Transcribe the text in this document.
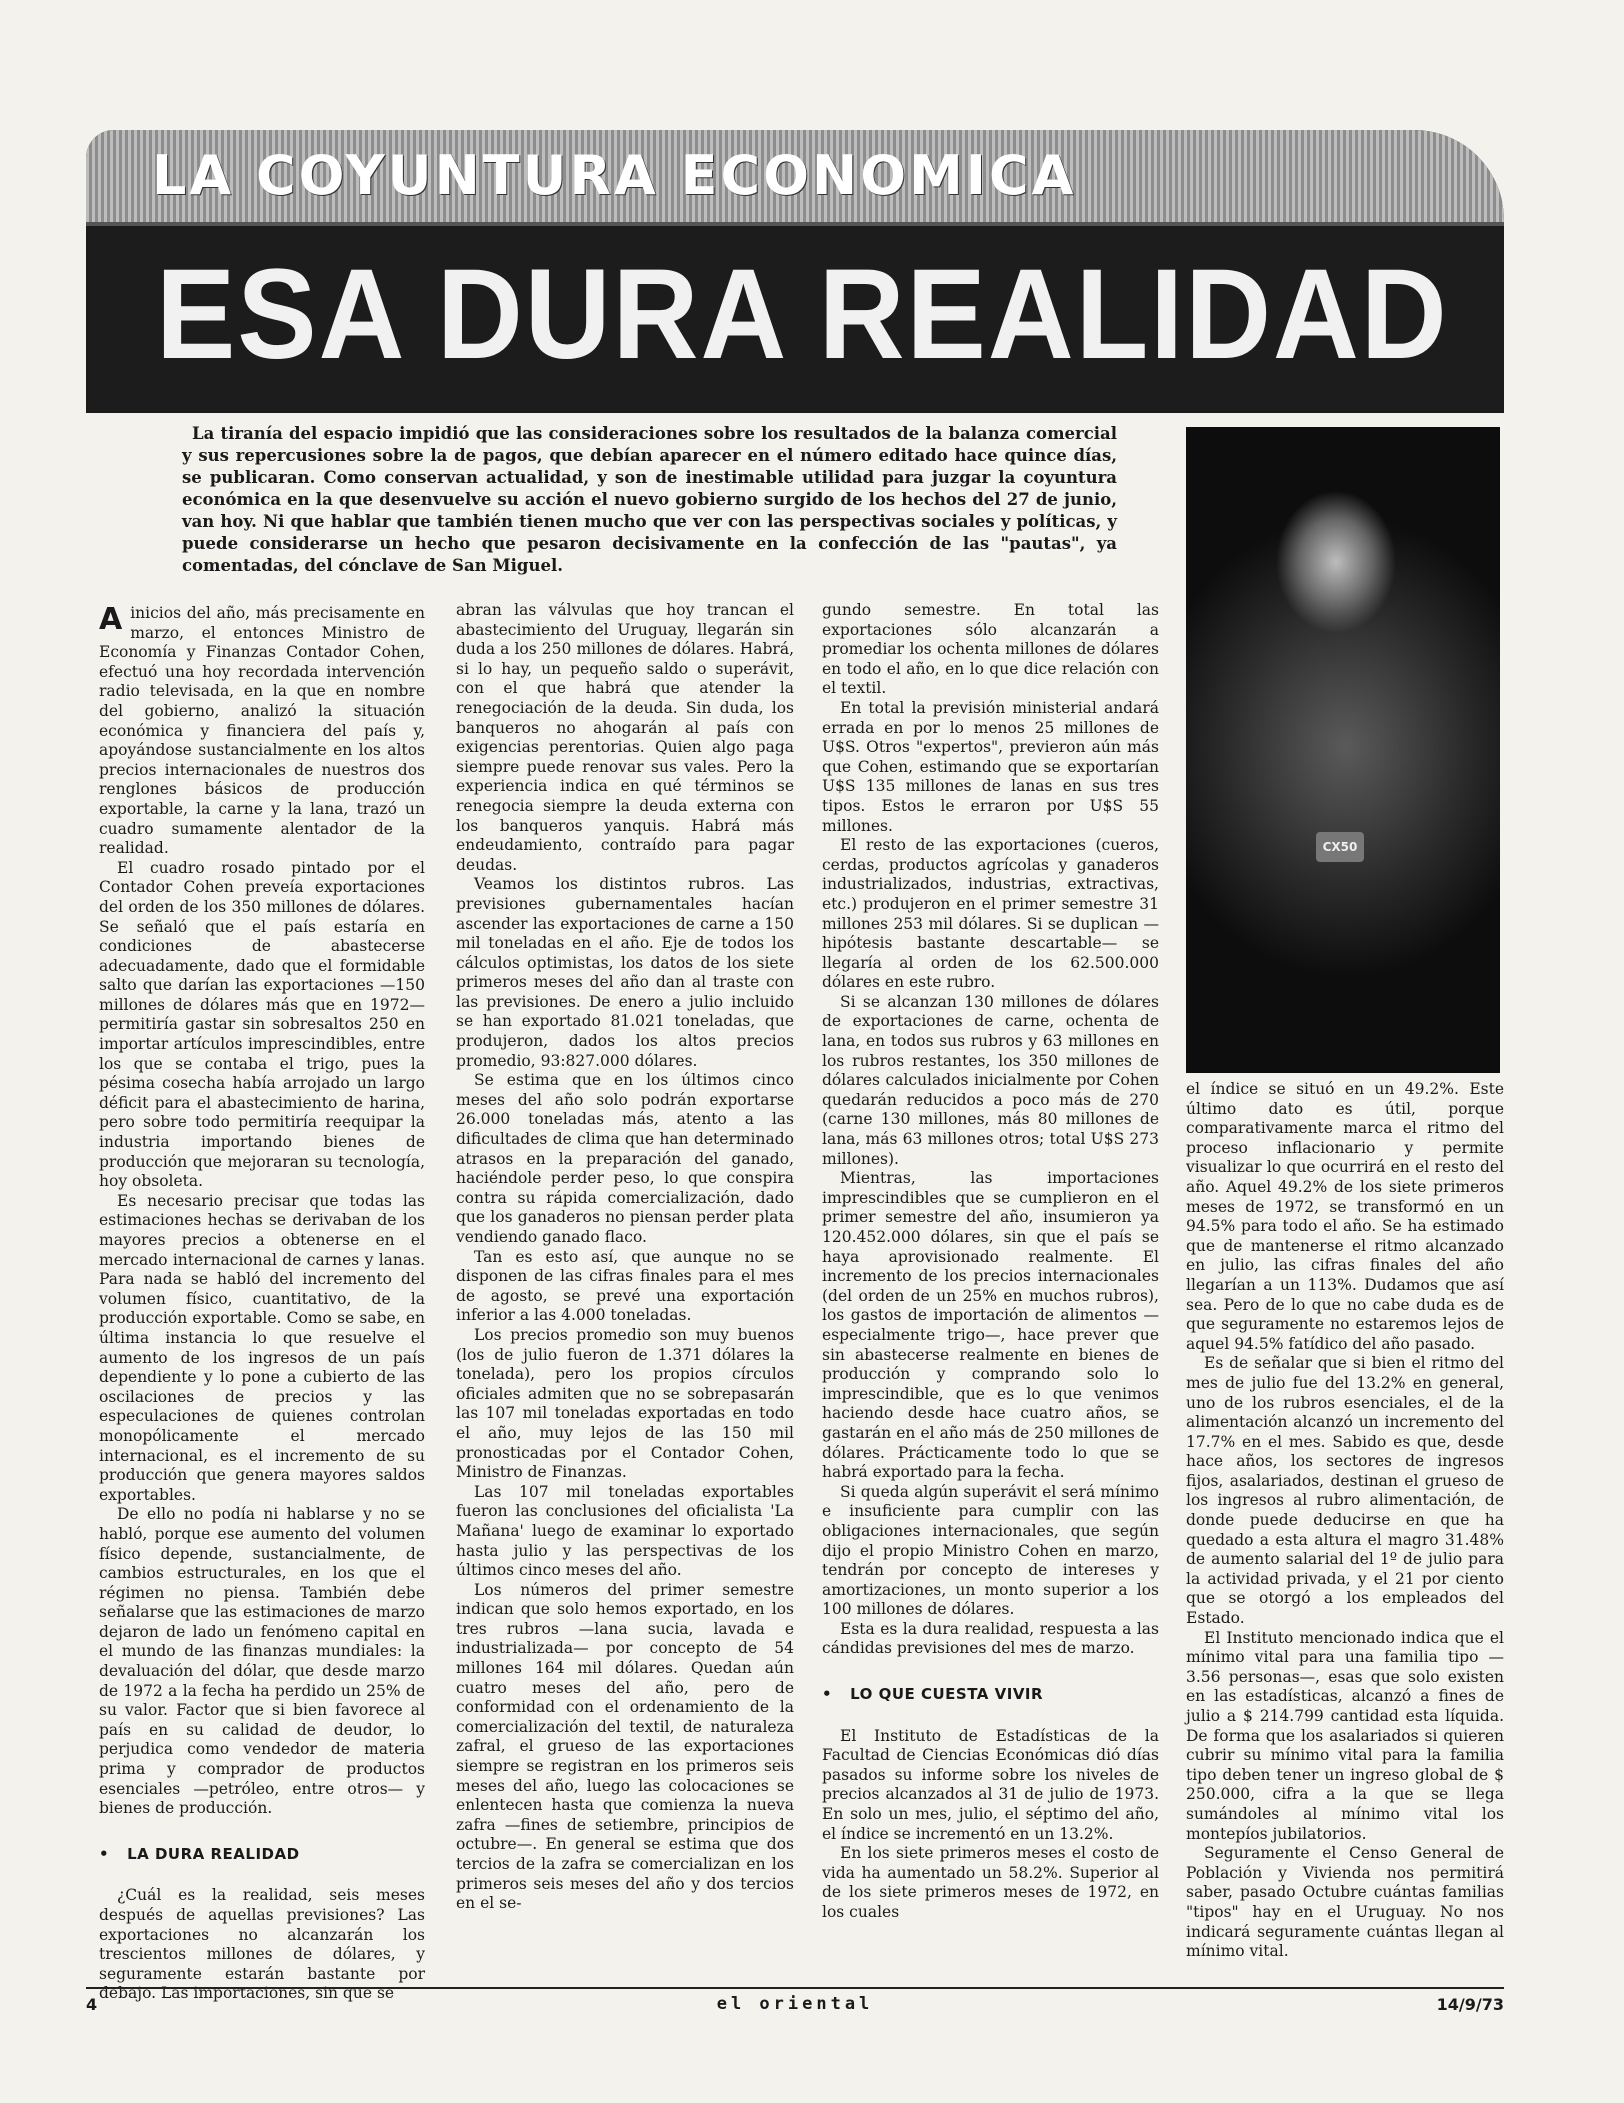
LA COYUNTURA ECONOMICA
ESA DURA REALIDAD
La tiranía del espacio impidió que las consideraciones sobre los resultados de la balanza comercial y sus repercusiones sobre la de pagos, que debían aparecer en el número editado hace quince días, se publicaran. Como conservan actualidad, y son de inestimable utilidad para juzgar la coyuntura económica en la que desenvuelve su acción el nuevo gobierno surgido de los hechos del 27 de junio, van hoy. Ni que hablar que también tienen mucho que ver con las perspectivas sociales y políticas, y puede considerarse un hecho que pesaron decisivamente en la confección de las "pautas", ya comentadas, del cónclave de San Miguel.
CX50

Ainicios del año, más precisamente en marzo, el entonces Ministro de Economía y Finanzas Contador Cohen, efectuó una hoy recordada intervención radio televisada, en la que en nombre del gobierno, analizó la situación económica y financiera del país y, apoyándose sustancialmente en los altos precios internacionales de nuestros dos renglones básicos de producción exportable, la carne y la lana, trazó un cuadro sumamente alentador de la realidad.

El cuadro rosado pintado por el Contador Cohen preveía exportaciones del orden de los 350 millones de dólares. Se señaló que el país estaría en condiciones de abastecerse adecuadamente, dado que el formidable salto que darían las exportaciones —150 millones de dólares más que en 1972— permitiría gastar sin sobresaltos 250 en importar artículos imprescindibles, entre los que se contaba el trigo, pues la pésima cosecha había arrojado un largo déficit para el abastecimiento de harina, pero sobre todo permitiría reequipar la industria importando bienes de producción que mejoraran su tecnología, hoy obsoleta.

Es necesario precisar que todas las estimaciones hechas se derivaban de los mayores precios a obtenerse en el mercado internacional de carnes y lanas. Para nada se habló del incremento del volumen físico, cuantitativo, de la producción exportable. Como se sabe, en última instancia lo que resuelve el aumento de los ingresos de un país dependiente y lo pone a cubierto de las oscilaciones de precios y las especulaciones de quienes controlan monopólicamente el mercado internacional, es el incremento de su producción que genera mayores saldos exportables.

De ello no podía ni hablarse y no se habló, porque ese aumento del volumen físico depende, sustancialmente, de cambios estructurales, en los que el régimen no piensa. También debe señalarse que las estimaciones de marzo dejaron de lado un fenómeno capital en el mundo de las finanzas mundiales: la devaluación del dólar, que desde marzo de 1972 a la fecha ha perdido un 25% de su valor. Factor que si bien favorece al país en su calidad de deudor, lo perjudica como vendedor de materia prima y comprador de productos esenciales —petróleo, entre otros— y bienes de producción.

• LA DURA REALIDAD

¿Cuál es la realidad, seis meses después de aquellas previsiones? Las exportaciones no alcanzarán los trescientos millones de dólares, y seguramente estarán bastante por debajo. Las importaciones, sin que se

abran las válvulas que hoy trancan el abastecimiento del Uruguay, llegarán sin duda a los 250 millones de dólares. Habrá, si lo hay, un pequeño saldo o superávit, con el que habrá que atender la renegociación de la deuda. Sin duda, los banqueros no ahogarán al país con exigencias perentorias. Quien algo paga siempre puede renovar sus vales. Pero la experiencia indica en qué términos se renegocia siempre la deuda externa con los banqueros yanquis. Habrá más endeudamiento, contraído para pagar deudas.

Veamos los distintos rubros. Las previsiones gubernamentales hacían ascender las exportaciones de carne a 150 mil toneladas en el año. Eje de todos los cálculos optimistas, los datos de los siete primeros meses del año dan al traste con las previsiones. De enero a julio incluido se han exportado 81.021 toneladas, que produjeron, dados los altos precios promedio, 93:827.000 dólares.

Se estima que en los últimos cinco meses del año solo podrán exportarse 26.000 toneladas más, atento a las dificultades de clima que han determinado atrasos en la preparación del ganado, haciéndole perder peso, lo que conspira contra su rápida comercialización, dado que los ganaderos no piensan perder plata vendiendo ganado flaco.

Tan es esto así, que aunque no se disponen de las cifras finales para el mes de agosto, se prevé una exportación inferior a las 4.000 toneladas.

Los precios promedio son muy buenos (los de julio fueron de 1.371 dólares la tonelada), pero los propios círculos oficiales admiten que no se sobrepasarán las 107 mil toneladas exportadas en todo el año, muy lejos de las 150 mil pronosticadas por el Contador Cohen, Ministro de Finanzas.

Las 107 mil toneladas exportables fueron las conclusiones del oficialista 'La Mañana' luego de examinar lo exportado hasta julio y las perspectivas de los últimos cinco meses del año.

Los números del primer semestre indican que solo hemos exportado, en los tres rubros —lana sucia, lavada e industrializada— por concepto de 54 millones 164 mil dólares. Quedan aún cuatro meses del año, pero de conformidad con el ordenamiento de la comercialización del textil, de naturaleza zafral, el grueso de las exportaciones siempre se registran en los primeros seis meses del año, luego las colocaciones se enlentecen hasta que comienza la nueva zafra —fines de setiembre, principios de octubre—. En general se estima que dos tercios de la zafra se comercializan en los primeros seis meses del año y dos tercios en el se-

gundo semestre. En total las exportaciones sólo alcanzarán a promediar los ochenta millones de dólares en todo el año, en lo que dice relación con el textil.

En total la previsión ministerial andará errada en por lo menos 25 millones de U$S. Otros "expertos", previeron aún más que Cohen, estimando que se exportarían U$S 135 millones de lanas en sus tres tipos. Estos le erraron por U$S 55 millones.

El resto de las exportaciones (cueros, cerdas, productos agrícolas y ganaderos industrializados, industrias, extractivas, etc.) produjeron en el primer semestre 31 millones 253 mil dólares. Si se duplican —hipótesis bastante descartable— se llegaría al orden de los 62.500.000 dólares en este rubro.

Si se alcanzan 130 millones de dólares de exportaciones de carne, ochenta de lana, en todos sus rubros y 63 millones en los rubros restantes, los 350 millones de dólares calculados inicialmente por Cohen quedarán reducidos a poco más de 270 (carne 130 millones, más 80 millones de lana, más 63 millones otros; total U$S 273 millones).

Mientras, las importaciones imprescindibles que se cumplieron en el primer semestre del año, insumieron ya 120.452.000 dólares, sin que el país se haya aprovisionado realmente. El incremento de los precios internacionales (del orden de un 25% en muchos rubros), los gastos de importación de alimentos —especialmente trigo—, hace prever que sin abastecerse realmente en bienes de producción y comprando solo lo imprescindible, que es lo que venimos haciendo desde hace cuatro años, se gastarán en el año más de 250 millones de dólares. Prácticamente todo lo que se habrá exportado para la fecha.

Si queda algún superávit el será mínimo e insuficiente para cumplir con las obligaciones internacionales, que según dijo el propio Ministro Cohen en marzo, tendrán por concepto de intereses y amortizaciones, un monto superior a los 100 millones de dólares.

Esta es la dura realidad, respuesta a las cándidas previsiones del mes de marzo.

• LO QUE CUESTA VIVIR

El Instituto de Estadísticas de la Facultad de Ciencias Económicas dió días pasados su informe sobre los niveles de precios alcanzados al 31 de julio de 1973. En solo un mes, julio, el séptimo del año, el índice se incrementó en un 13.2%.

En los siete primeros meses el costo de vida ha aumentado un 58.2%. Superior al de los siete primeros meses de 1972, en los cuales

el índice se situó en un 49.2%. Este último dato es útil, porque comparativamente marca el ritmo del proceso inflacionario y permite visualizar lo que ocurrirá en el resto del año. Aquel 49.2% de los siete primeros meses de 1972, se transformó en un 94.5% para todo el año. Se ha estimado que de mantenerse el ritmo alcanzado en julio, las cifras finales del año llegarían a un 113%. Dudamos que así sea. Pero de lo que no cabe duda es de que seguramente no estaremos lejos de aquel 94.5% fatídico del año pasado.

Es de señalar que si bien el ritmo del mes de julio fue del 13.2% en general, uno de los rubros esenciales, el de la alimentación alcanzó un incremento del 17.7% en el mes. Sabido es que, desde hace años, los sectores de ingresos fijos, asalariados, destinan el grueso de los ingresos al rubro alimentación, de donde puede deducirse en que ha quedado a esta altura el magro 31.48% de aumento salarial del 1º de julio para la actividad privada, y el 21 por ciento que se otorgó a los empleados del Estado.

El Instituto mencionado indica que el mínimo vital para una familia tipo —3.56 personas—, esas que solo existen en las estadísticas, alcanzó a fines de julio a $ 214.799 cantidad esta líquida. De forma que los asalariados si quieren cubrir su mínimo vital para la familia tipo deben tener un ingreso global de $ 250.000, cifra a la que se llega sumándoles al mínimo vital los montepíos jubilatorios.

Seguramente el Censo General de Población y Vivienda nos permitirá saber, pasado Octubre cuántas familias "tipos" hay en el Uruguay. No nos indicará seguramente cuántas llegan al mínimo vital.

4	el oriental	14/9/73
